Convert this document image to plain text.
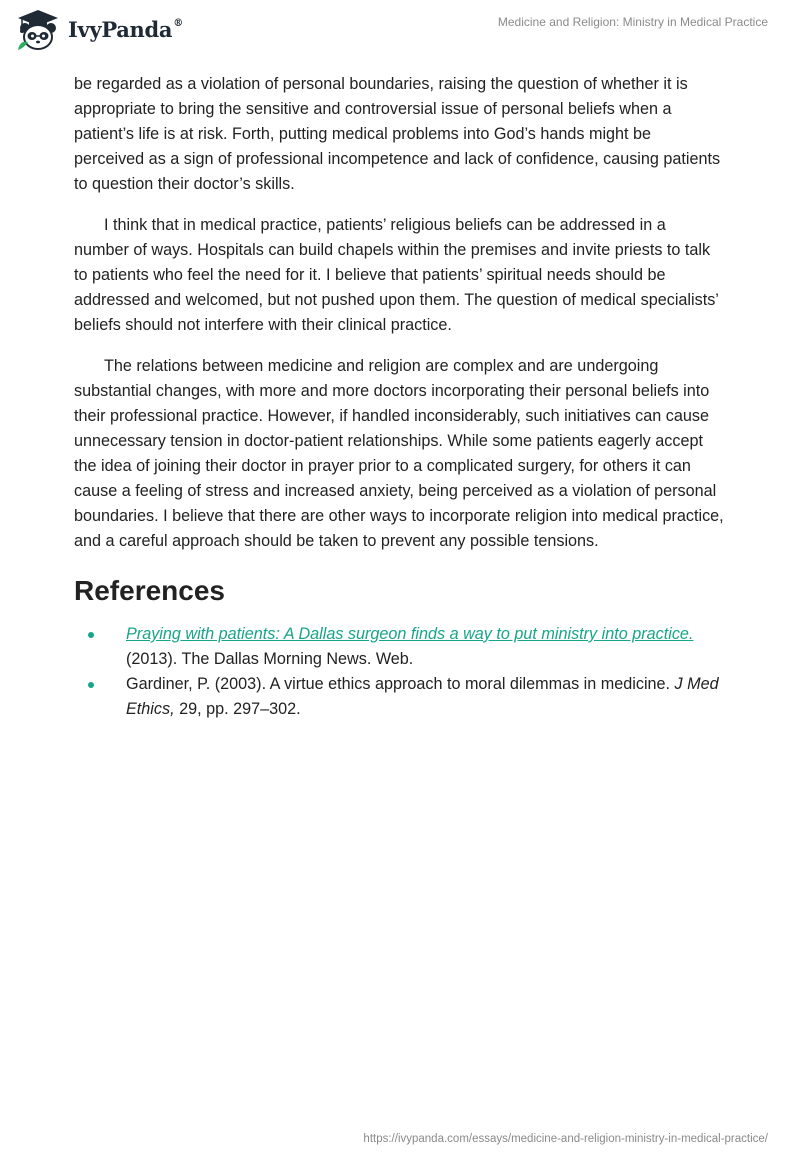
IvyPanda®	Medicine and Religion: Ministry in Medical Practice

be regarded as a violation of personal boundaries, raising the question of whether it is appropriate to bring the sensitive and controversial issue of personal beliefs when a patient’s life is at risk. Forth, putting medical problems into God’s hands might be perceived as a sign of professional incompetence and lack of confidence, causing patients to question their doctor’s skills.

I think that in medical practice, patients’ religious beliefs can be addressed in a number of ways. Hospitals can build chapels within the premises and invite priests to talk to patients who feel the need for it. I believe that patients’ spiritual needs should be addressed and welcomed, but not pushed upon them. The question of medical specialists’ beliefs should not interfere with their clinical practice.

The relations between medicine and religion are complex and are undergoing substantial changes, with more and more doctors incorporating their personal beliefs into their professional practice. However, if handled inconsiderably, such initiatives can cause unnecessary tension in doctor-patient relationships. While some patients eagerly accept the idea of joining their doctor in prayer prior to a complicated surgery, for others it can cause a feeling of stress and increased anxiety, being perceived as a violation of personal boundaries. I believe that there are other ways to incorporate religion into medical practice, and a careful approach should be taken to prevent any possible tensions.

References
Praying with patients: A Dallas surgeon finds a way to put ministry into practice. (2013). The Dallas Morning News. Web.
Gardiner, P. (2003). A virtue ethics approach to moral dilemmas in medicine. J Med Ethics, 29, pp. 297–302.
https://ivypanda.com/essays/medicine-and-religion-ministry-in-medical-practice/
